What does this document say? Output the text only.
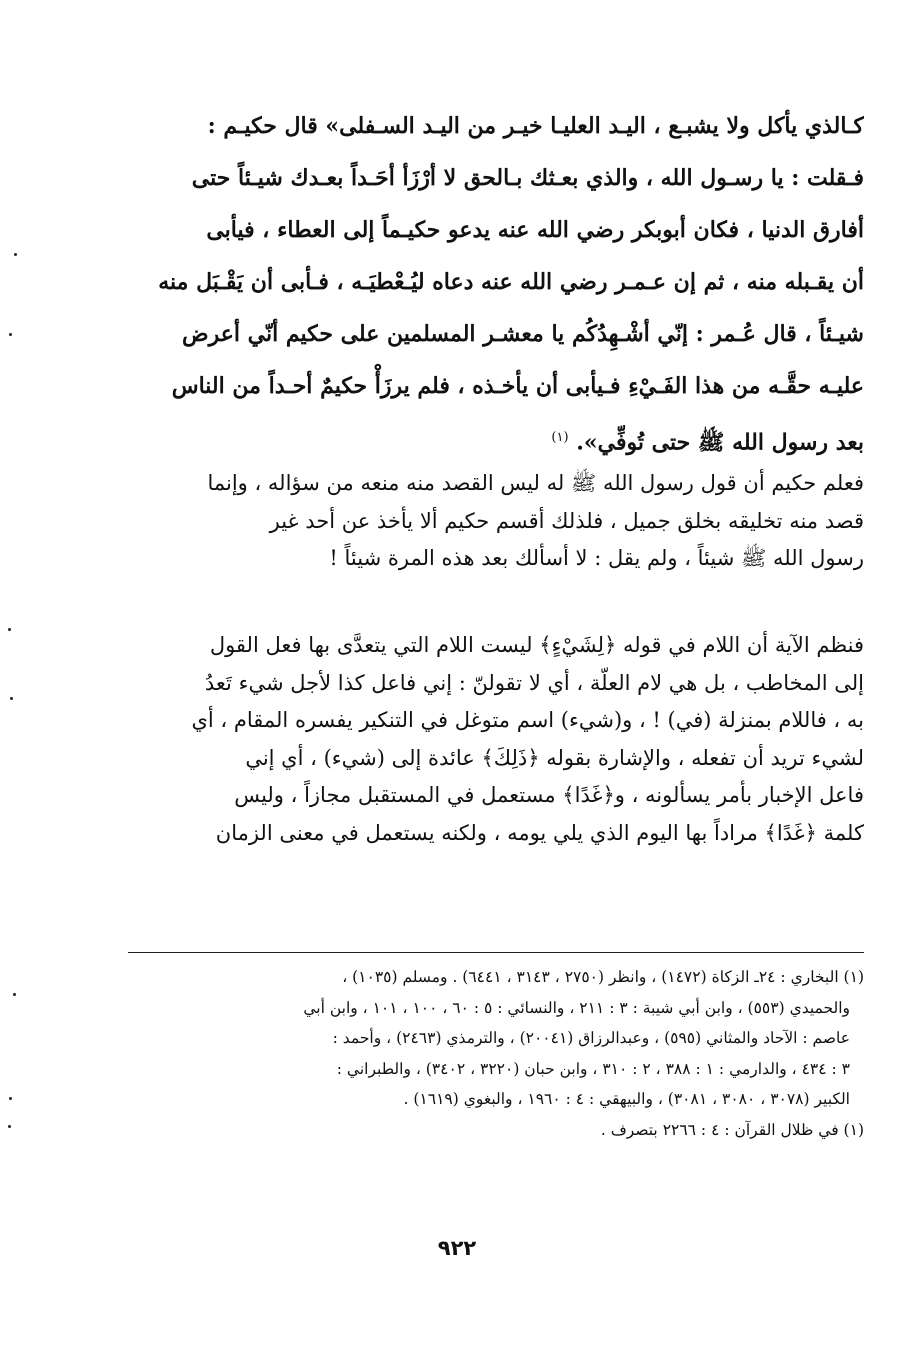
كـالذي يأكل ولا يشبـع ، اليـد العليـا خيـر من اليـد السـفلى» قال حكيـم :
فـقلت : يا رسـول الله ، والذي بعـثك بـالحق لا أرْزَأ أحَـداً بعـدك شيـئاً حتى
أفارق الدنيا ، فكان أبوبكر رضي الله عنه يدعو حكيـماً إلى العطاء ، فيأبى
أن يقـبله منه ، ثم إن عـمـر رضي الله عنه دعاه ليُـعْطيَـه ، فـأبى أن يَقْـبَل منه
شيـئاً ، قال عُـمر : إنّي أشْـهِدُكُم يا معشـر المسلمين على حكيم أنّي أعرض
عليـه حقَّـه من هذا الفَـيْءِ فـيأبى أن يأخـذه ، فلم يرزَأْ حكيمٌ أحـداً من الناس
بعد رسول الله ﷺ حتى تُوفِّي». $^{(١)}$
فعلم حكيم أن قول رسول الله ﷺ له ليس القصد منه منعه من سؤاله ، وإنما
قصد منه تخليقه بخلق جميل ، فلذلك أقسم حكيم ألا يأخذ عن أحد غير
رسول الله ﷺ شيئاً ، ولم يقل : لا أسألك بعد هذه المرة شيئاً !
فنظم الآية أن اللام في قوله ﴿لِشَيْءٍ﴾ ليست اللام التي يتعدَّى بها فعل القول
إلى المخاطب ، بل هي لام العلّة ، أي لا تقولنّ : إني فاعل كذا لأجل شيء تَعدُ
به ، فاللام بمنزلة (في) ! ، و(شيء) اسم متوغل في التنكير يفسره المقام ، أي
لشيء تريد أن تفعله ، والإشارة بقوله ﴿ذَلِكَ﴾ عائدة إلى (شيء) ، أي إني
فاعل الإخبار بأمر يسألونه ، و﴿غَدًا﴾ مستعمل في المستقبل مجازاً ، وليس
كلمة ﴿غَدًا﴾ مراداً بها اليوم الذي يلي يومه ، ولكنه يستعمل في معنى الزمان
(١) البخاري : ٢٤ـ الزكاة (١٤٧٢) ، وانظر (٢٧٥٠ ، ٣١٤٣ ، ٦٤٤١) . ومسلم (١٠٣٥) ،
والحميدي (٥٥٣) ، وابن أبي شيبة : ٣ : ٢١١ ، والنسائي : ٥ : ٦٠ ، ١٠٠ ، ١٠١ ، وابن أبي
عاصم : الآحاد والمثاني (٥٩٥) ، وعبدالرزاق (٢٠٠٤١) ، والترمذي (٢٤٦٣) ، وأحمد :
٣ : ٤٣٤ ، والدارمي : ١ : ٣٨٨ ، ٢ : ٣١٠ ، وابن حبان (٣٢٢٠ ، ٣٤٠٢) ، والطبراني :
الكبير (٣٠٧٨ ، ٣٠٨٠ ، ٣٠٨١) ، والبيهقي : ٤ : ١٩٦٠ ، والبغوي (١٦١٩) .
(١) في ظلال القرآن : ٤ : ٢٢٦٦ بتصرف .
٩٢٢
